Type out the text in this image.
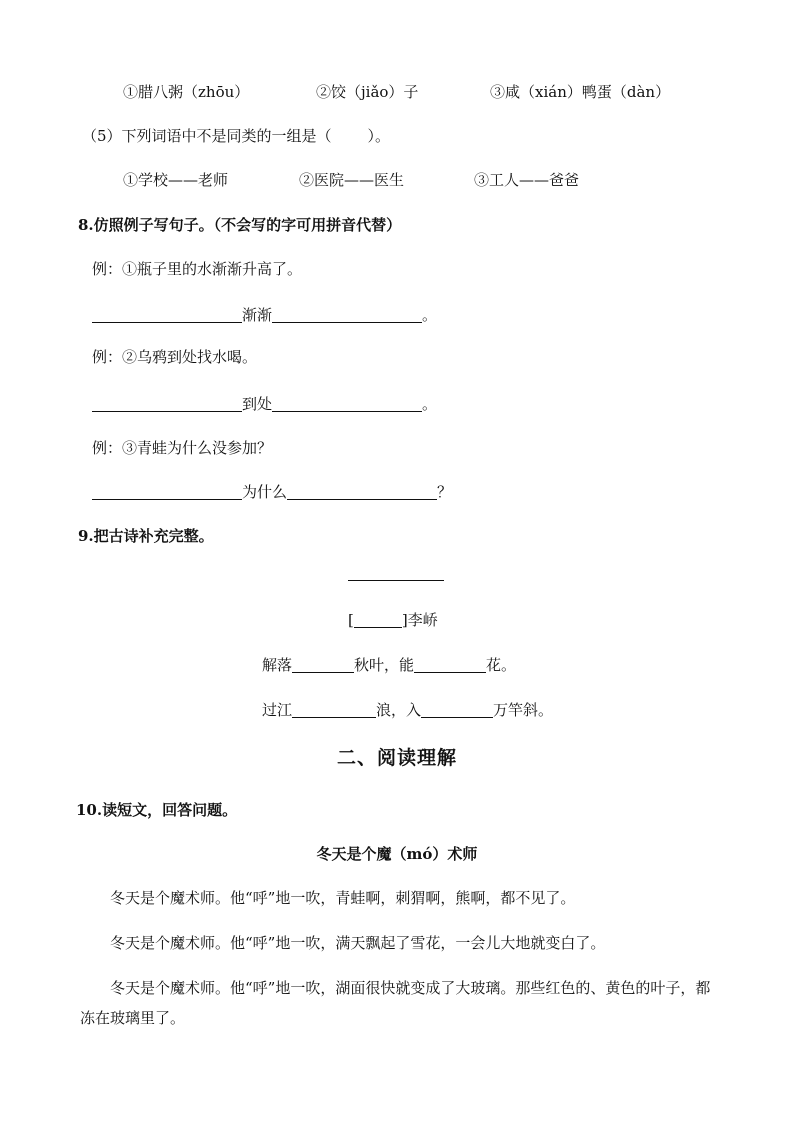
①腊八粥（zhōu）	②饺（jiǎo）子	③咸（xián）鸭蛋（dàn）
（5）下列词语中不是同类的一组是（ ）。
①学校——老师	②医院——医生	③工人——爸爸
8.仿照例子写句子。（不会写的字可用拼音代替）
例：①瓶子里的水渐渐升高了。
渐渐	。
例：②乌鸦到处找水喝。
到处	。
例：③青蛙为什么没参加？
为什么	？
9.把古诗补充完整。
[	]李峤
解落	秋叶，能	花。
过江	浪，入	万竿斜。
二、阅读理解
10.读短文，回答问题。
冬天是个魔（mó）术师
冬天是个魔术师。他“呼”地一吹，青蛙啊，刺猬啊，熊啊，都不见了。
冬天是个魔术师。他“呼”地一吹，满天飘起了雪花，一会儿大地就变白了。
冬天是个魔术师。他“呼”地一吹，湖面很快就变成了大玻璃。那些红色的、黄色的叶子，都冻在玻璃里了。
